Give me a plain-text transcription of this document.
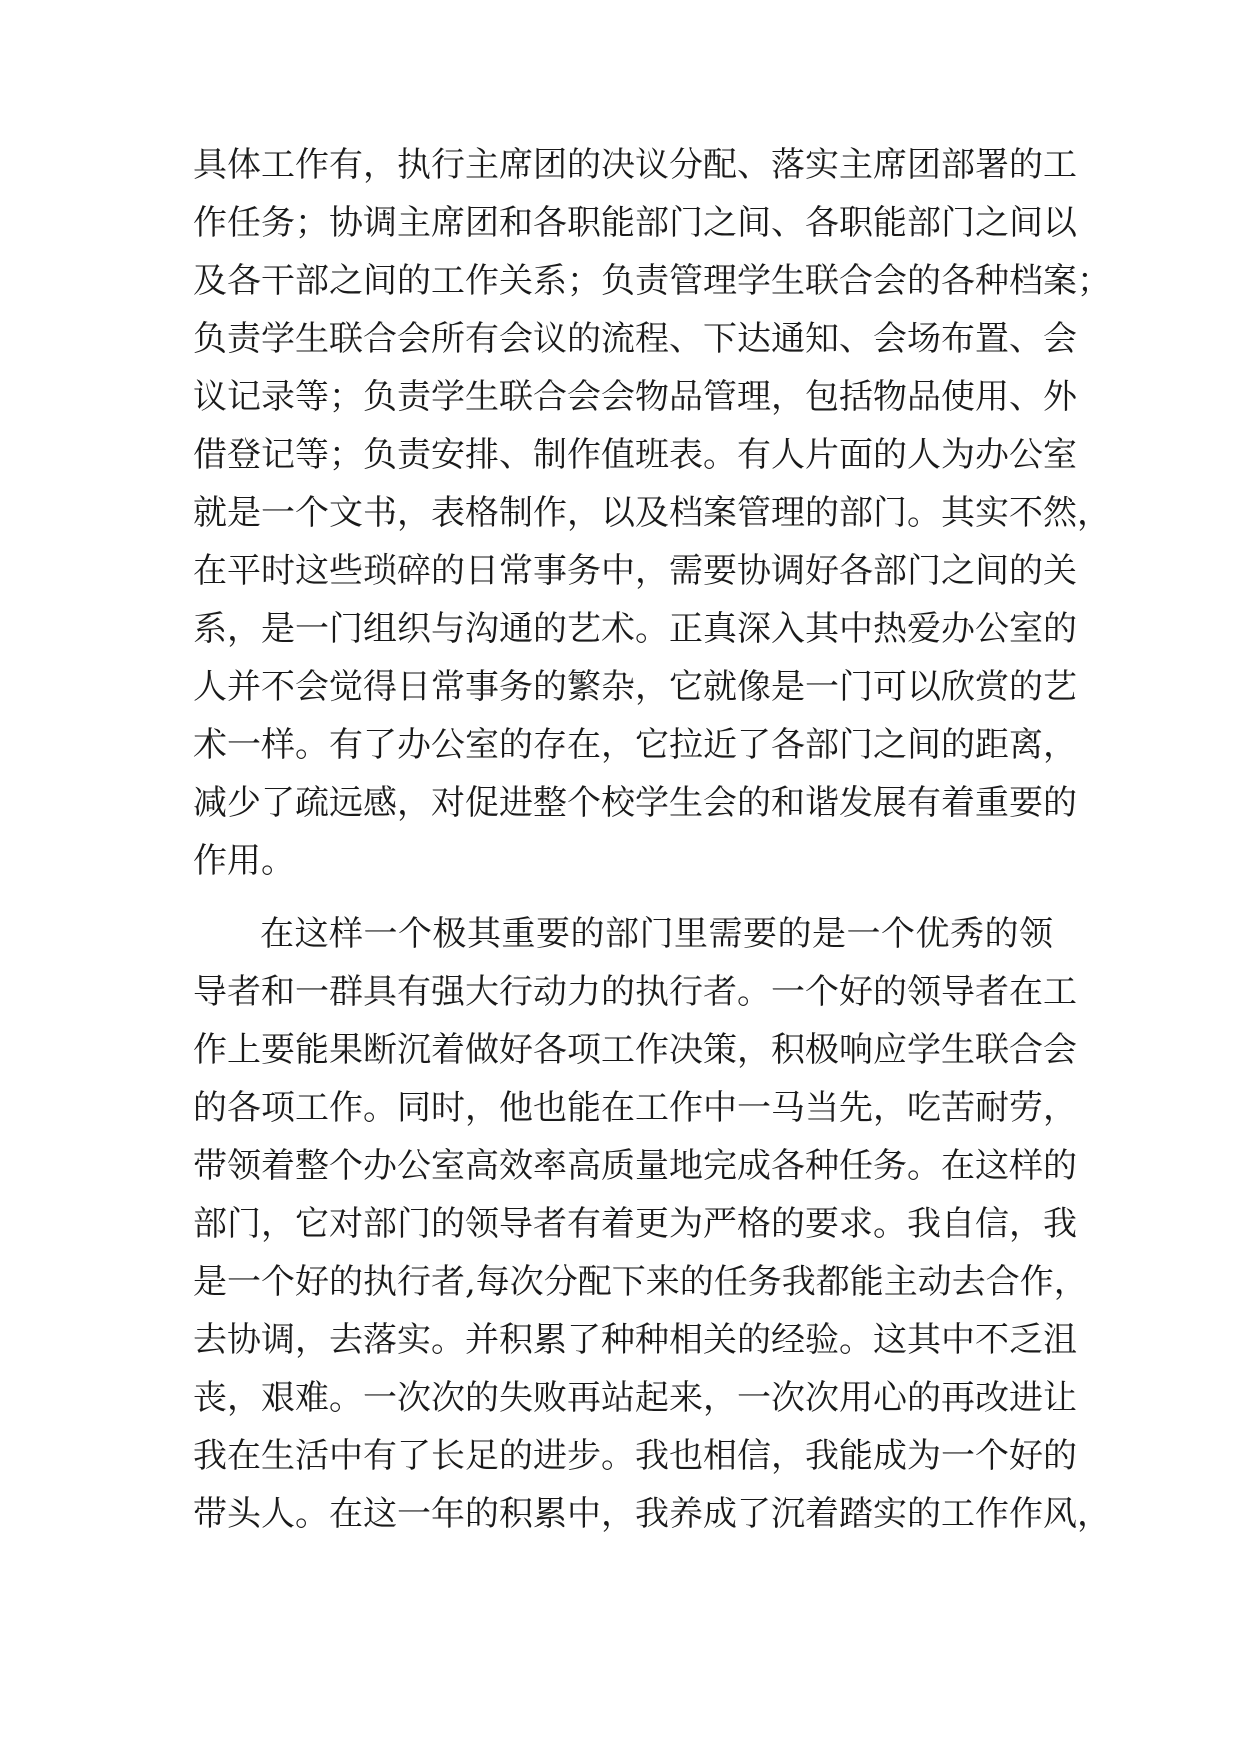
具体工作有，执行主席团的决议分配、落实主席团部署的工
作任务；协调主席团和各职能部门之间、各职能部门之间以
及各干部之间的工作关系；负责管理学生联合会的各种档案；
负责学生联合会所有会议的流程、下达通知、会场布置、会
议记录等；负责学生联合会会物品管理，包括物品使用、外
借登记等；负责安排、制作值班表。有人片面的人为办公室
就是一个文书，表格制作，以及档案管理的部门。其实不然，
在平时这些琐碎的日常事务中，需要协调好各部门之间的关
系，是一门组织与沟通的艺术。正真深入其中热爱办公室的
人并不会觉得日常事务的繁杂，它就像是一门可以欣赏的艺
术一样。有了办公室的存在，它拉近了各部门之间的距离，
减少了疏远感，对促进整个校学生会的和谐发展有着重要的
作用。
在这样一个极其重要的部门里需要的是一个优秀的领
导者和一群具有强大行动力的执行者。一个好的领导者在工
作上要能果断沉着做好各项工作决策，积极响应学生联合会
的各项工作。同时，他也能在工作中一马当先，吃苦耐劳，
带领着整个办公室高效率高质量地完成各种任务。在这样的
部门，它对部门的领导者有着更为严格的要求。我自信，我
是一个好的执行者,每次分配下来的任务我都能主动去合作，
去协调，去落实。并积累了种种相关的经验。这其中不乏沮
丧，艰难。一次次的失败再站起来，一次次用心的再改进让
我在生活中有了长足的进步。我也相信，我能成为一个好的
带头人。在这一年的积累中，我养成了沉着踏实的工作作风，
